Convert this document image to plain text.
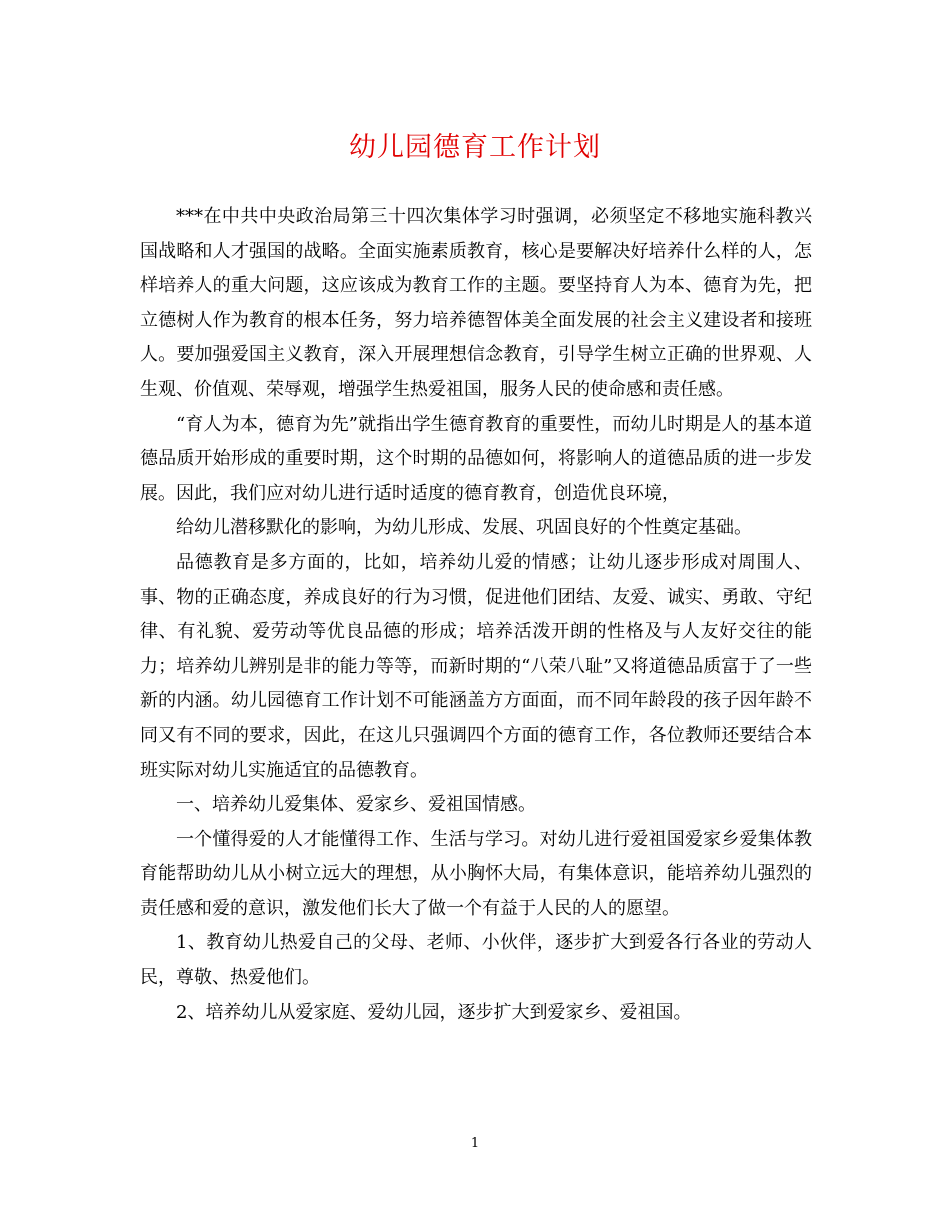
幼儿园德育工作计划

***在中共中央政治局第三十四次集体学习时强调，必须坚定不移地实施科教兴国战略和人才强国的战略。全面实施素质教育，核心是要解决好培养什么样的人，怎样培养人的重大问题，这应该成为教育工作的主题。要坚持育人为本、德育为先，把立德树人作为教育的根本任务，努力培养德智体美全面发展的社会主义建设者和接班人。要加强爱国主义教育，深入开展理想信念教育，引导学生树立正确的世界观、人生观、价值观、荣辱观，增强学生热爱祖国，服务人民的使命感和责任感。

“育人为本，德育为先”就指出学生德育教育的重要性，而幼儿时期是人的基本道德品质开始形成的重要时期，这个时期的品德如何，将影响人的道德品质的进一步发展。因此，我们应对幼儿进行适时适度的德育教育，创造优良环境，

给幼儿潜移默化的影响，为幼儿形成、发展、巩固良好的个性奠定基础。

品德教育是多方面的，比如，培养幼儿爱的情感；让幼儿逐步形成对周围人、事、物的正确态度，养成良好的行为习惯，促进他们团结、友爱、诚实、勇敢、守纪律、有礼貌、爱劳动等优良品德的形成；培养活泼开朗的性格及与人友好交往的能力；培养幼儿辨别是非的能力等等，而新时期的“八荣八耻”又将道德品质富于了一些新的内涵。幼儿园德育工作计划不可能涵盖方方面面，而不同年龄段的孩子因年龄不同又有不同的要求，因此，在这儿只强调四个方面的德育工作，各位教师还要结合本班实际对幼儿实施适宜的品德教育。

一、培养幼儿爱集体、爱家乡、爱祖国情感。

一个懂得爱的人才能懂得工作、生活与学习。对幼儿进行爱祖国爱家乡爱集体教育能帮助幼儿从小树立远大的理想，从小胸怀大局，有集体意识，能培养幼儿强烈的责任感和爱的意识，激发他们长大了做一个有益于人民的人的愿望。

1、教育幼儿热爱自己的父母、老师、小伙伴，逐步扩大到爱各行各业的劳动人民，尊敬、热爱他们。

2、培养幼儿从爱家庭、爱幼儿园，逐步扩大到爱家乡、爱祖国。

1
